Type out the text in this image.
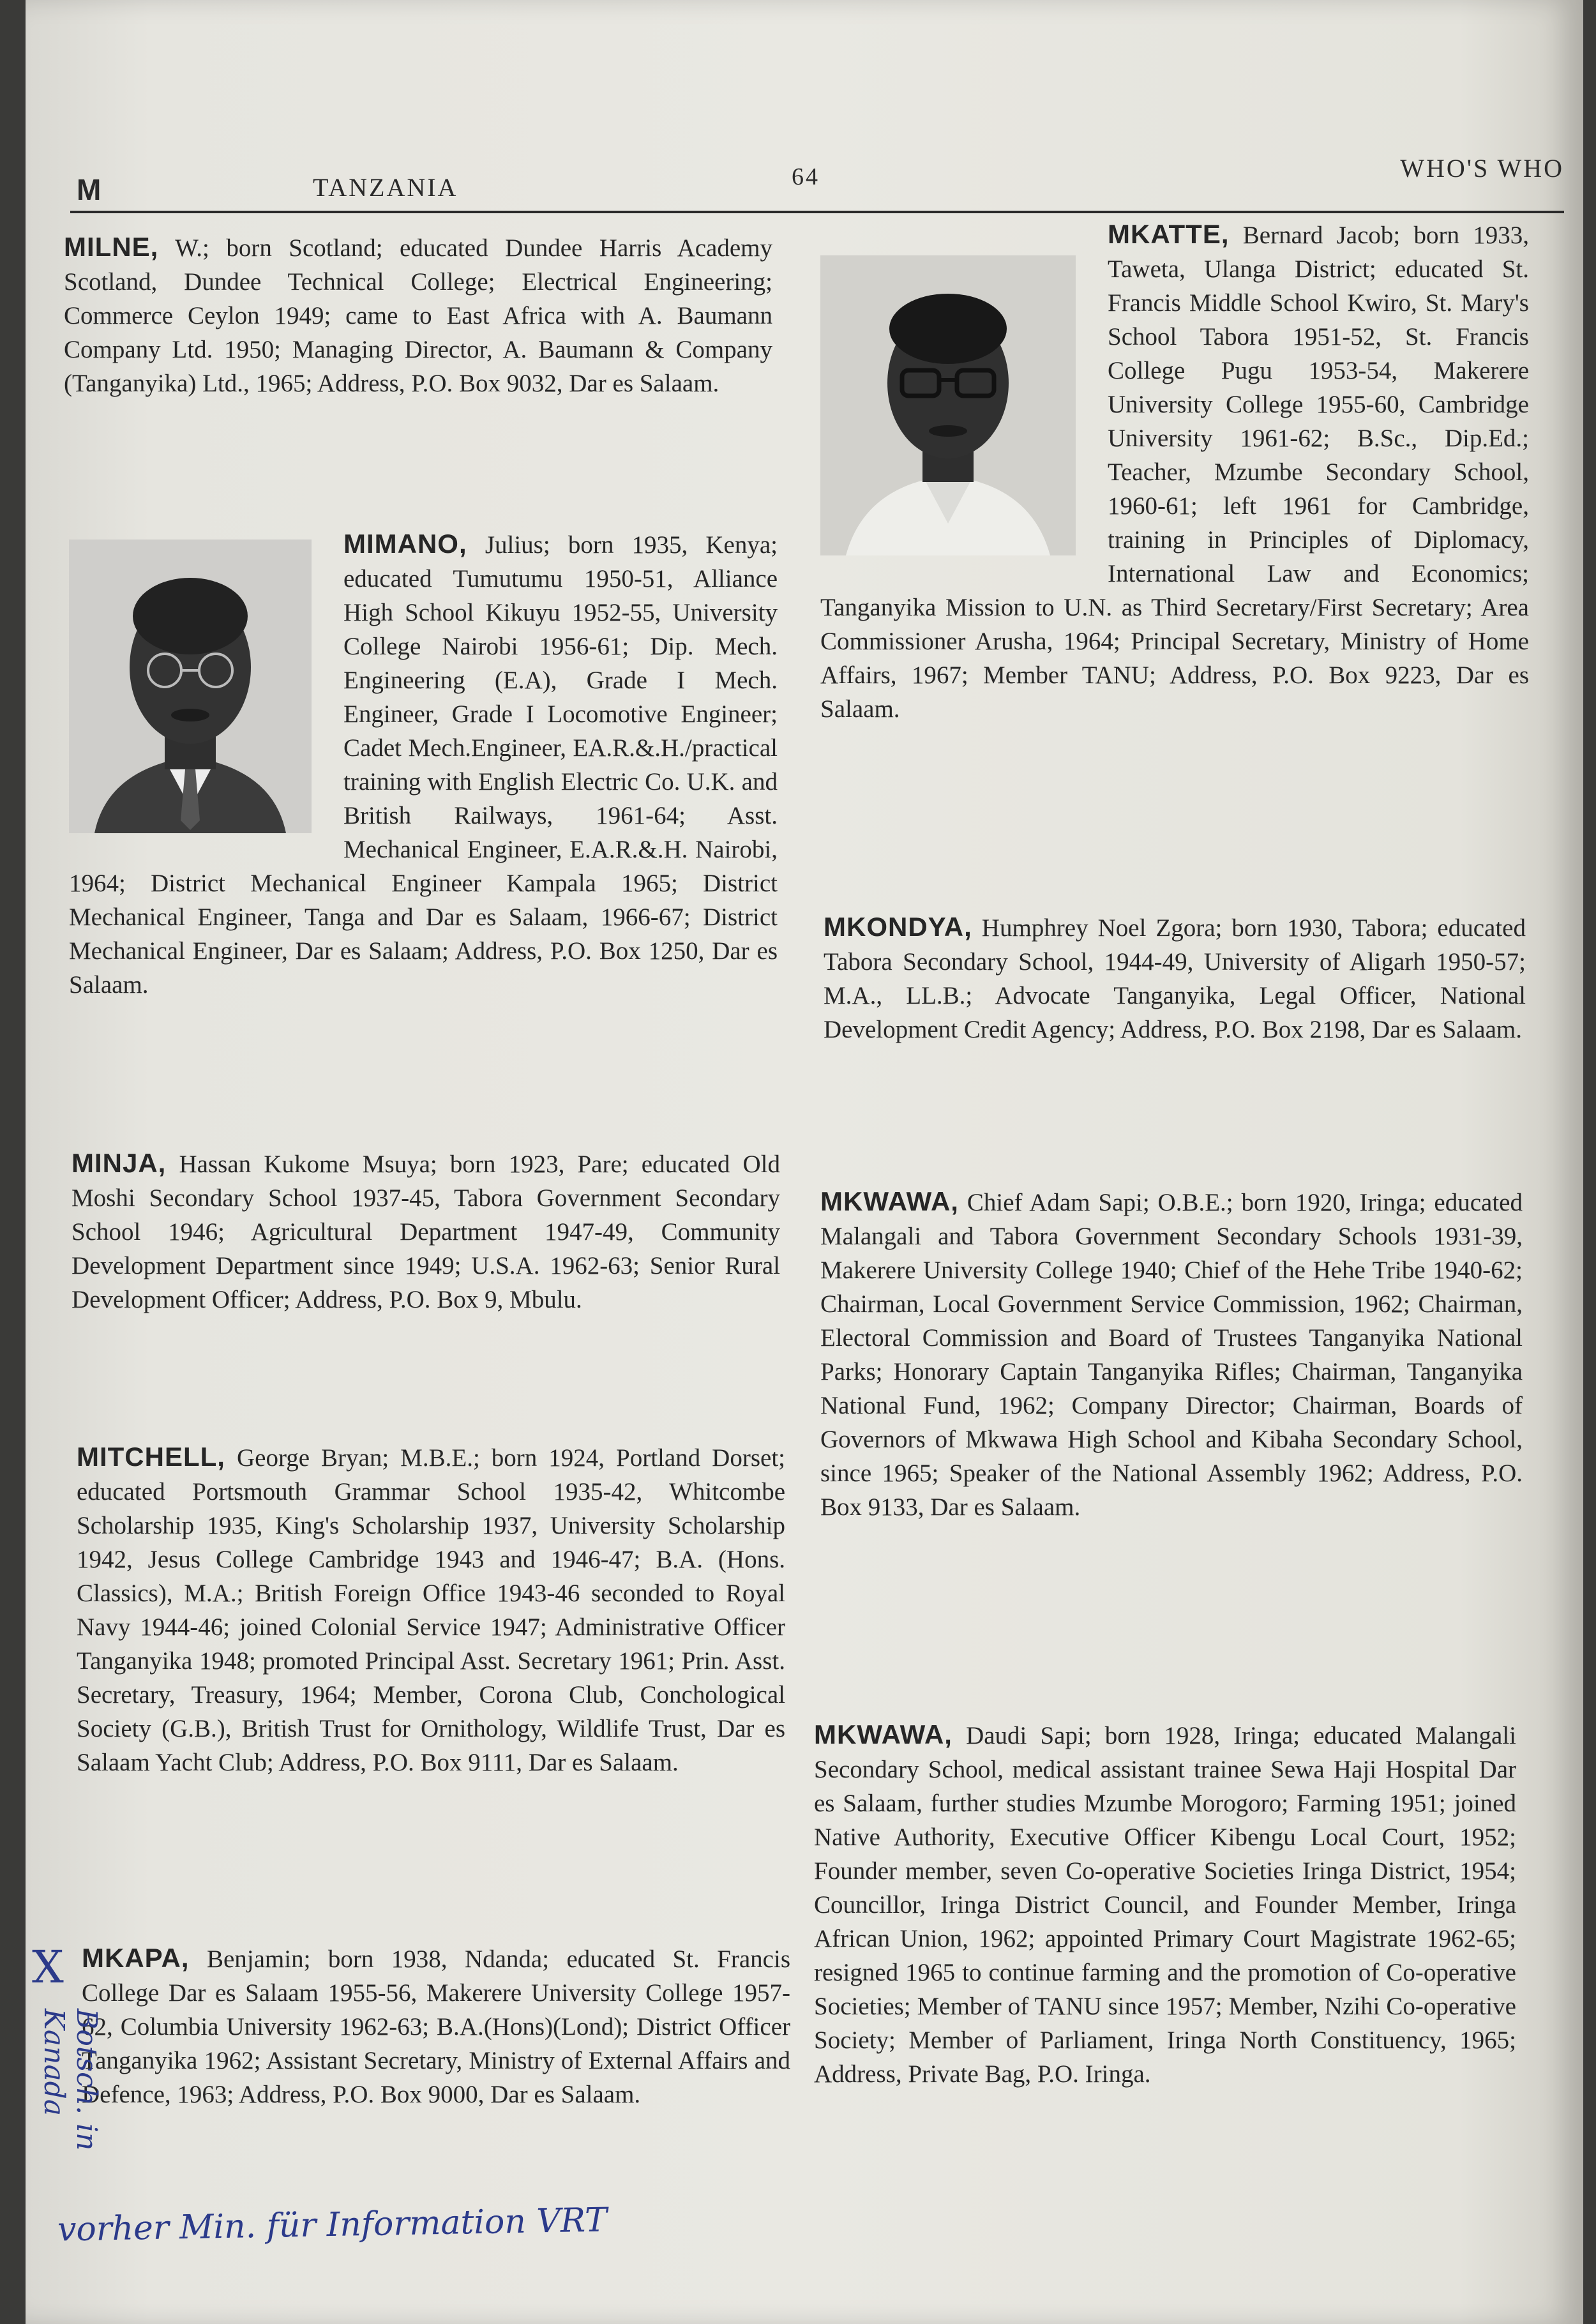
M	TANZANIA	64	WHO'S WHO
MILNE, W.; born Scotland; educated Dundee Harris Academy Scotland, Dundee Technical College; Electrical Engineering; Commerce Ceylon 1949; came to East Africa with A. Baumann Company Ltd. 1950; Managing Director, A. Baumann & Company (Tanganyika) Ltd., 1965; Address, P.O. Box 9032, Dar es Salaam.
MIMANO, Julius; born 1935, Kenya; educated Tumutumu 1950-51, Alliance High School Kikuyu 1952-55, University College Nairobi 1956-61; Dip. Mech. Engineering (E.A), Grade I Mech. Engineer, Grade I Locomotive Engineer; Cadet Mech.Engineer, EA.R.&.H./practical training with English Electric Co. U.K. and British Railways, 1961-64; Asst. Mechanical Engineer, E.A.R.&.H. Nairobi, 1964; District Mechanical Engineer Kampala 1965; District Mechanical Engineer, Tanga and Dar es Salaam, 1966-67; District Mechanical Engineer, Dar es Salaam; Address, P.O. Box 1250, Dar es Salaam.
MINJA, Hassan Kukome Msuya; born 1923, Pare; educated Old Moshi Secondary School 1937-45, Tabora Government Secondary School 1946; Agricultural Department 1947-49, Community Development Department since 1949; U.S.A. 1962-63; Senior Rural Development Officer; Address, P.O. Box 9, Mbulu.
MITCHELL, George Bryan; M.B.E.; born 1924, Portland Dorset; educated Portsmouth Grammar School 1935-42, Whitcombe Scholarship 1935, King's Scholarship 1937, University Scholarship 1942, Jesus College Cambridge 1943 and 1946-47; B.A. (Hons. Classics), M.A.; British Foreign Office 1943-46 seconded to Royal Navy 1944-46; joined Colonial Service 1947; Administrative Officer Tanganyika 1948; promoted Principal Asst. Secretary 1961; Prin. Asst. Secretary, Treasury, 1964; Member, Corona Club, Conchological Society (G.B.), British Trust for Ornithology, Wildlife Trust, Dar es Salaam Yacht Club; Address, P.O. Box 9111, Dar es Salaam.
MKAPA, Benjamin; born 1938, Ndanda; educated St. Francis College Dar es Salaam 1955-56, Makerere University College 1957-62, Columbia University 1962-63; B.A.(Hons)(Lond); District Officer Tanganyika 1962; Assistant Secretary, Ministry of External Affairs and Defence, 1963; Address, P.O. Box 9000, Dar es Salaam.
MKATTE, Bernard Jacob; born 1933, Taweta, Ulanga District; educated St. Francis Middle School Kwiro, St. Mary's School Tabora 1951-52, St. Francis College Pugu 1953-54, Makerere University College 1955-60, Cambridge University 1961-62; B.Sc., Dip.Ed.; Teacher, Mzumbe Secondary School, 1960-61; left 1961 for Cambridge, training in Principles of Diplomacy, International Law and Economics; Tanganyika Mission to U.N. as Third Secretary/First Secretary; Area Commissioner Arusha, 1964; Principal Secretary, Ministry of Home Affairs, 1967; Member TANU; Address, P.O. Box 9223, Dar es Salaam.
MKONDYA, Humphrey Noel Zgora; born 1930, Tabora; educated Tabora Secondary School, 1944-49, University of Aligarh 1950-57; M.A., LL.B.; Advocate Tanganyika, Legal Officer, National Development Credit Agency; Address, P.O. Box 2198, Dar es Salaam.
MKWAWA, Chief Adam Sapi; O.B.E.; born 1920, Iringa; educated Malangali and Tabora Government Secondary Schools 1931-39, Makerere University College 1940; Chief of the Hehe Tribe 1940-62; Chairman, Local Government Service Commission, 1962; Chairman, Electoral Commission and Board of Trustees Tanganyika National Parks; Honorary Captain Tanganyika Rifles; Chairman, Tanganyika National Fund, 1962; Company Director; Chairman, Boards of Governors of Mkwawa High School and Kibaha Secondary School, since 1965; Speaker of the National Assembly 1962; Address, P.O. Box 9133, Dar es Salaam.
MKWAWA, Daudi Sapi; born 1928, Iringa; educated Malangali Secondary School, medical assistant trainee Sewa Haji Hospital Dar es Salaam, further studies Mzumbe Morogoro; Farming 1951; joined Native Authority, Executive Officer Kibengu Local Court, 1952; Founder member, seven Co-operative Societies Iringa District, 1954; Councillor, Iringa District Council, and Founder Member, Iringa African Union, 1962; appointed Primary Court Magistrate 1962-65; resigned 1965 to continue farming and the promotion of Co-operative Societies; Member of TANU since 1957; Member, Nzihi Co-operative Society; Member of Parliament, Iringa North Constituency, 1965; Address, Private Bag, P.O. Iringa.
X
Botsch. in Kanada
vorher Min. für Information VRT
